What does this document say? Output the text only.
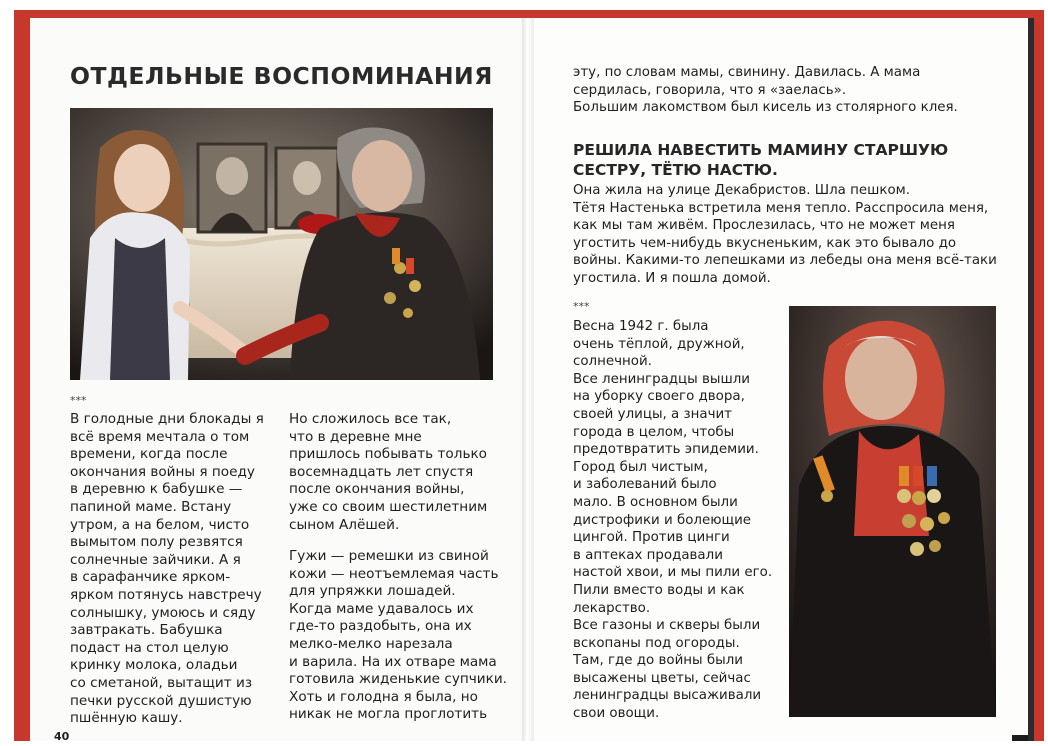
ОТДЕЛЬНЫЕ ВОСПОМИНАНИЯ
***

В голодные дни блокады я

всё время мечтала о том

времени, когда после

окончания войны я поеду

в деревню к бабушке —

папиной маме. Встану

утром, а на белом, чисто

вымытом полу резвятся

солнечные зайчики. А я

в сарафанчике ярком-

ярком потянусь навстречу

солнышку, умоюсь и сяду

завтракать. Бабушка

подаст на стол целую

кринку молока, оладьи

со сметаной, вытащит из

печки русской душистую

пшённую кашу.

Но сложилось все так,

что в деревне мне

пришлось побывать только

восемнадцать лет спустя

после окончания войны,

уже со своим шестилетним

сыном Алёшей.

Гужи — ремешки из свиной

кожи — неотъемлемая часть

для упряжки лошадей.

Когда маме удавалось их

где-то раздобыть, она их

мелко-мелко нарезала

и варила. На их отваре мама

готовила жиденькие супчики.

Хоть и голодна я была, но

никак не могла проглотить

40

эту, по словам мамы, свинину. Давилась. А мама

сердилась, говорила, что я «заелась».

Большим лакомством был кисель из столярного клея.

РЕШИЛА НАВЕСТИТЬ МАМИНУ СТАРШУЮ
СЕСТРУ, ТЁТЮ НАСТЮ.

Она жила на улице Декабристов. Шла пешком.

Тётя Настенька встретила меня тепло. Расспросила меня,

как мы там живём. Прослезилась, что не может меня

угостить чем-нибудь вкусненьким, как это бывало до

войны. Какими-то лепешками из лебеды она меня всё-таки

угостила. И я пошла домой.

***

Весна 1942 г. была

очень тёплой, дружной,

солнечной.

Все ленинградцы вышли

на уборку своего двора,

своей улицы, а значит

города в целом, чтобы

предотвратить эпидемии.

Город был чистым,

и заболеваний было

мало. В основном были

дистрофики и болеющие

цингой. Против цинги

в аптеках продавали

настой хвои, и мы пили его.

Пили вместо воды и как

лекарство.

Все газоны и скверы были

вскопаны под огороды.

Там, где до войны были

высажены цветы, сейчас

ленинградцы высаживали

свои овощи.
